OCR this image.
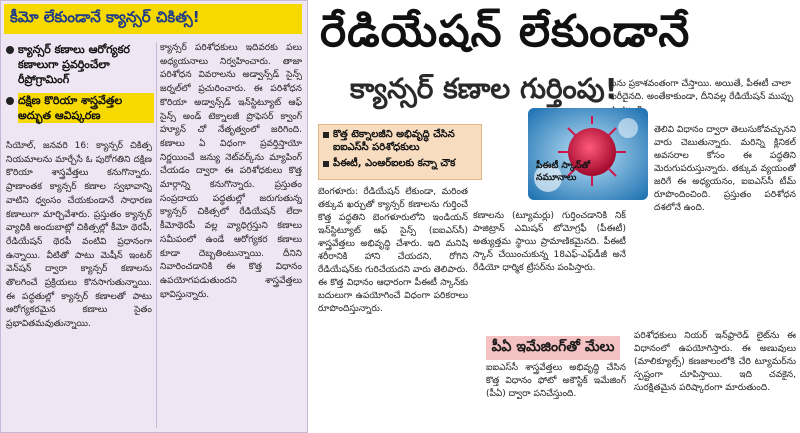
కీమో లేకుండానే క్యాన్సర్‌ చికిత్స!
క్యాన్సర్‌ కణాలు ఆరోగ్యకర కణాలుగా ప్రవర్తించేలా రీప్రోగ్రామింగ్‌
దక్షిణ కొరియా శాస్త్రవేత్తల అద్భుత ఆవిష్కరణ
సియోల్‌, జనవరి 16: క్యాన్సర్‌ చికిత్స నియమాలను మార్చేసే ఓ పురోగతిని దక్షిణ కొరియా శాస్త్రవేత్తలు కనుగొన్నారు. ప్రాణాంతక క్యాన్సర్‌ కణాల స్వభావాన్ని వాటిని ధ్వంసం చేయకుండానే సాధారణ కణాలుగా మార్చివేశారు. ప్రస్తుతం క్యాన్సర్‌ వ్యాధికి అందుబాట్లో చికిత్సల్లో కీమో థెరపీ, రేడియేషన్‌ థెరపీ వంటివి ప్రధానంగా ఉన్నాయి. వీటితో పాటు మెషీన్‌ ఇంటర్‌ వెన్‌షన్‌ ద్వారా క్యాన్సర్‌ కణాలను తొలగించే ప్రక్రియలు కొనసాగుతున్నాయి. ఈ పద్ధతుల్లో క్యాన్సర్‌ కణాలతో పాటు ఆరోగ్యకరమైన కణాలు సైతం ప్రభావితమవుతున్నాయి.
క్యాన్సర్‌ పరిశోధకులు ఇదివరకు పలు అధ్యయనాలు నిర్వహించారు. తాజా పరిశోధన వివరాలను అడ్వాన్స్‌డ్‌ సైన్స్‌ జర్నల్‌లో ప్రచురించారు. ఈ పరిశోధన కొరియా అడ్వాన్స్‌డ్‌ ఇన్‌స్టిట్యూట్‌ ఆఫ్‌ సైన్స్‌ అండ్‌ టెక్నాలజీ ప్రొఫెసర్‌ క్వాంగ్‌ హ్యూన్‌ చో నేతృత్వంలో జరిగింది. కణాలు ఏ విధంగా ప్రవర్తిస్తాయో నిర్ణయించే జన్యు నెట్‌వర్క్‌ను మ్యాపింగ్‌ చేయడం ద్వారా ఈ పరిశోధకులు కొత్త మార్గాన్ని కనుగొన్నారు. ప్రస్తుతం సంప్రదాయ పద్ధతుల్లో జరుగుతున్న క్యాన్సర్‌ చికిత్సలో రేడియేషన్‌ లేదా కీమోథెరపీ వల్ల వ్యాధిగ్రస్తుని కణాలు సమీపంలో ఉండే ఆరోగ్యకర కణాలు కూడా దెబ్బతింటున్నాయి. దీనిని నివారించడానికి ఈ కొత్త విధానం ఉపయోగపడుతుందని శాస్త్రవేత్తలు భావిస్తున్నారు.
రేడియేషన్‌ లేకుండానే
క్యాన్సర్‌ కణాల గుర్తింపు!
లను ప్రకాశవంతంగా చేస్తాయి. అయితే, పీఈటీ చాలా ఖరీదైనది. అంతేకాకుండా, దీనివల్ల రేడియేషన్‌ ముప్పు
కొత్త టెక్నాలజీని అభివృద్ధి చేసిన ఐఐఎస్‌సీ పరిశోధకులు
పీఈటీ, ఎంఆర్‌ఐలకు కన్నా చౌక
బెంగళూరు: రేడియేషన్‌ లేకుండా, మరింత తక్కువ ఖర్చుతో క్యాన్సర్‌ కణాలను గుర్తించే కొత్త పద్ధతిని బెంగళూరులోని ఇండియన్‌ ఇన్‌స్టిట్యూట్‌ ఆఫ్‌ సైన్స్‌ (ఐఐఎస్‌సీ) శాస్త్రవేత్తలు అభివృద్ధి చేశారు. ఇది మనిషి శరీరానికి హాని చేయదని, రోగిని రేడియేషన్‌కు గురిచేయదని వారు తెలిపారు. ఈ కొత్త విధానం ఆధారంగా పీఈటీ స్కాన్‌కు బదులుగా ఉపయోగించే విధంగా పరికరాలు రూపొందిస్తున్నారు.
పీఈటీ స్కాన్‌తో నమూనాలు
కణాలను (ట్యూమర్లు) గుర్తించడానికి నిక్‌ పాజిట్రాన్‌ ఎమిషన్‌ టోమోగ్రఫీ (పీఈటీ) అత్యుత్తమ స్థాయి ప్రామాణికమైనది. పీఈటీ స్కాన్‌ చేయించుకున్న 18ఎఫ్‌-ఎఫ్‌డీజీ అనే రేడియో ధార్మిక ట్రేసర్‌ను పంపిస్తారు.
తెలివి విధానం ద్వారా తెలుసుకోవచ్చునని వారు చెబుతున్నారు. మరిన్ని క్లినికల్‌ అవసరాల కోసం ఈ పద్ధతిని మెరుగుపరుస్తున్నారు. తక్కువ వ్యయంతో జరిగే ఈ అధ్యయనం, ఐఐఎస్‌సీ టీమ్‌ రూపొందించింది. ప్రస్తుతం పరిశోధన దశలోనే ఉంది.
పీఏ ఇమేజింగ్‌తో మేలు
ఐఐఎస్‌సీ శాస్త్రవేత్తలు అభివృద్ధి చేసిన కొత్త విధానం ఫోటో అకౌస్టిక్‌ ఇమేజింగ్‌ (పీఏ) ద్వారా పనిచేస్తుంది.
పరిశోధకులు నియర్‌ ఇన్‌ఫ్రారెడ్‌ లైట్‌ను ఈ విధానంలో ఉపయోగిస్తారు. ఈ అణువులు (మాలిక్యూల్స్‌) కణజాలంలోకి చేరి ట్యూమర్‌ను స్పష్టంగా చూపిస్తాయి. ఇది చవకైన, సురక్షితమైన పరిష్కారంగా మారుతుంది.
